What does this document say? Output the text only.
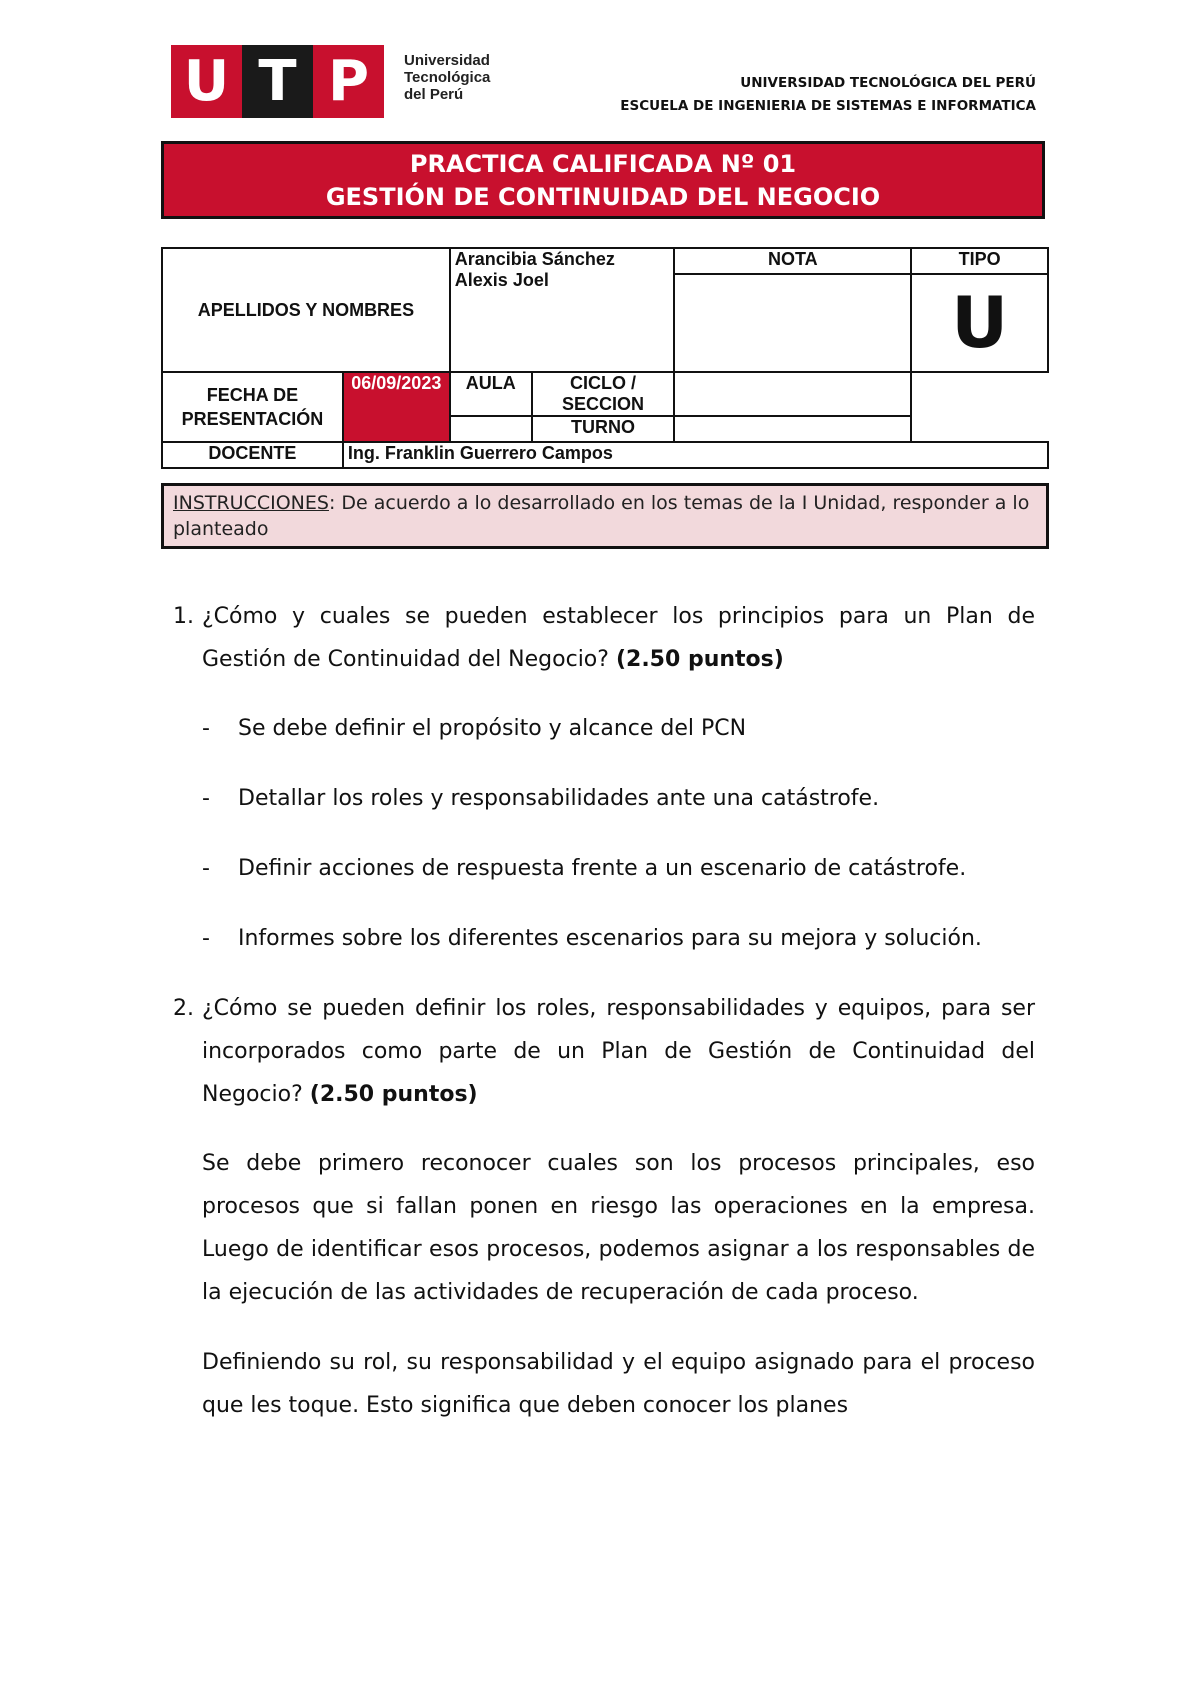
U T P	Universidad
Tecnológica
del Perú
UNIVERSIDAD TECNOLÓGICA DEL PERÚ
ESCUELA DE INGENIERIA DE SISTEMAS E INFORMATICA
PRACTICA CALIFICADA Nº 01
GESTIÓN DE CONTINUIDAD DEL NEGOCIO
APELLIDOS Y NOMBRES		Arancibia Sánchez Alexis Joel		NOTA	TIPO
					U
FECHA DE PRESENTACIÓN	06/09/2023	AULA	CICLO / SECCION		
			TURNO		
DOCENTE	Ing. Franklin Guerrero Campos				
INSTRUCCIONES: De acuerdo a lo desarrollado en los temas de la I Unidad, responder a lo planteado
1. ¿Cómo y cuales se pueden establecer los principios para un Plan de Gestión de Continuidad del Negocio? (2.50 puntos)
-	Se debe definir el propósito y alcance del PCN
-	Detallar los roles y responsabilidades ante una catástrofe.
-	Definir acciones de respuesta frente a un escenario de catástrofe.
-	Informes sobre los diferentes escenarios para su mejora y solución.
2. ¿Cómo se pueden definir los roles, responsabilidades y equipos, para ser incorporados como parte de un Plan de Gestión de Continuidad del Negocio? (2.50 puntos)
Se debe primero reconocer cuales son los procesos principales, eso procesos que si fallan ponen en riesgo las operaciones en la empresa. Luego de identificar esos procesos, podemos asignar a los responsables de la ejecución de las actividades de recuperación de cada proceso.
Definiendo su rol, su responsabilidad y el equipo asignado para el proceso que les toque. Esto significa que deben conocer los planes
